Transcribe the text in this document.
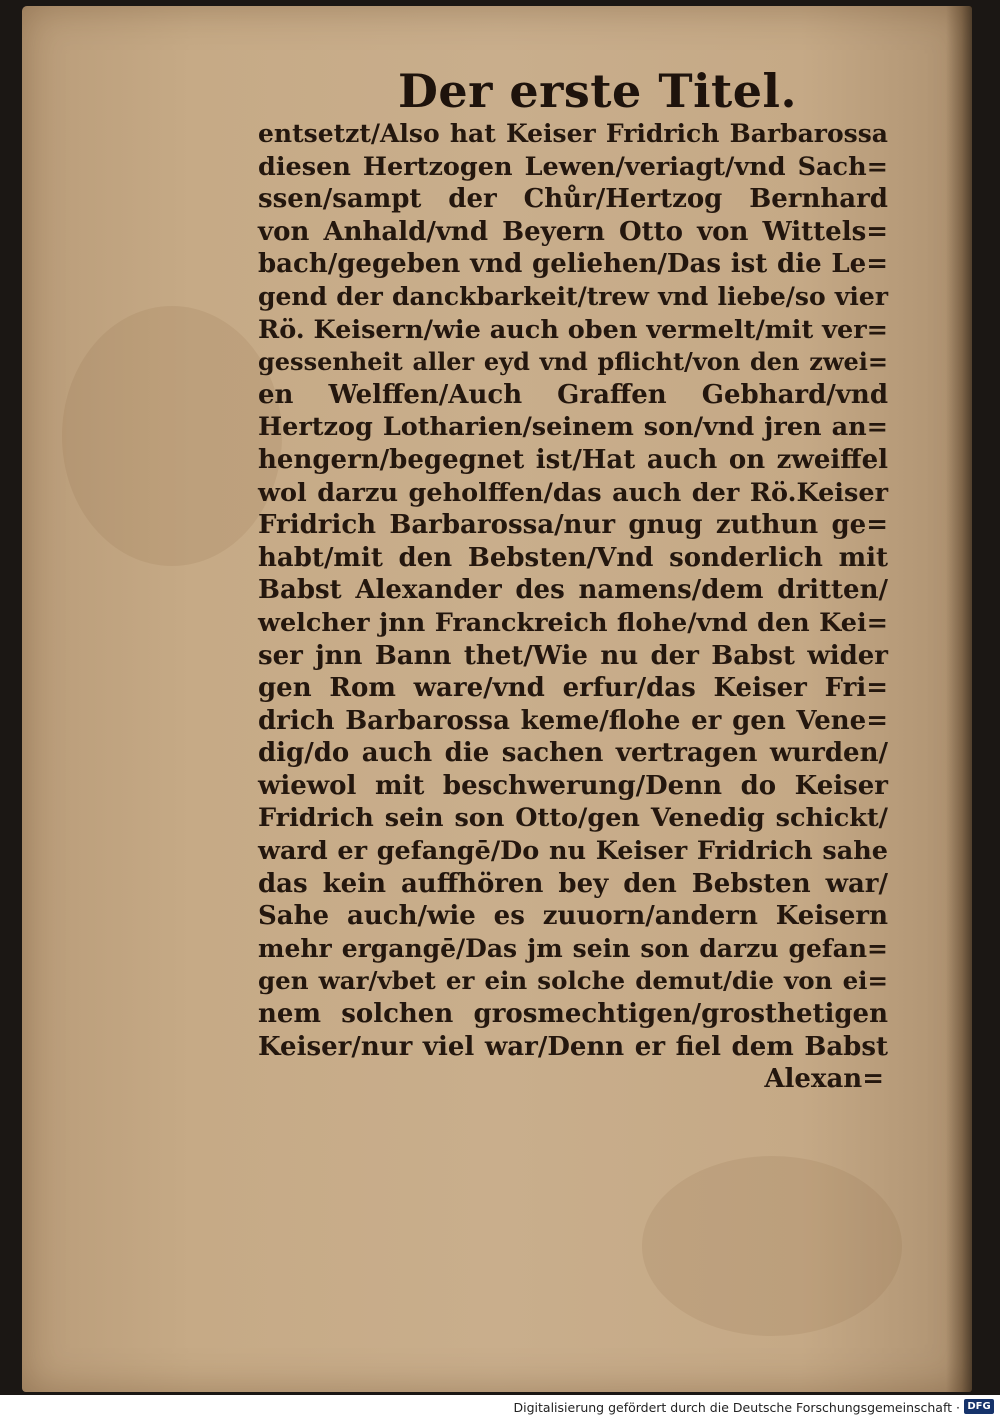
Der erste Titel.
entsetzt/Also hat Keiser Fridrich Barbarossa
diesen Hertzogen Lewen/veriagt/vnd Sach=
ssen/sampt der Chůr/Hertzog Bernhard
von Anhald/vnd Beyern Otto von Wittels=
bach/gegeben vnd geliehen/Das ist die Le=
gend der danckbarkeit/trew vnd liebe/so vier
Rö. Keisern/wie auch oben vermelt/mit ver=
gessenheit aller eyd vnd pflicht/von den zwei=
en Welffen/Auch Graffen Gebhard/vnd
Hertzog Lotharien/seinem son/vnd jren an=
hengern/begegnet ist/Hat auch on zweiffel
wol darzu geholffen/das auch der Rö.Keiser
Fridrich Barbarossa/nur gnug zuthun ge=
habt/mit den Bebsten/Vnd sonderlich mit
Babst Alexander des namens/dem dritten/
welcher jnn Franckreich flohe/vnd den Kei=
ser jnn Bann thet/Wie nu der Babst wider
gen Rom ware/vnd erfur/das Keiser Fri=
drich Barbarossa keme/flohe er gen Vene=
dig/do auch die sachen vertragen wurden/
wiewol mit beschwerung/Denn do Keiser
Fridrich sein son Otto/gen Venedig schickt/
ward er gefangē/Do nu Keiser Fridrich sahe
das kein auffhören bey den Bebsten war/
Sahe auch/wie es zuuorn/andern Keisern
mehr ergangē/Das jm sein son darzu gefan=
gen war/vbet er ein solche demut/die von ei=
nem solchen grosmechtigen/grosthetigen
Keiser/nur viel war/Denn er fiel dem Babst
Alexan=
Digitalisierung gefördert durch die Deutsche Forschungsgemeinschaft · DFG
